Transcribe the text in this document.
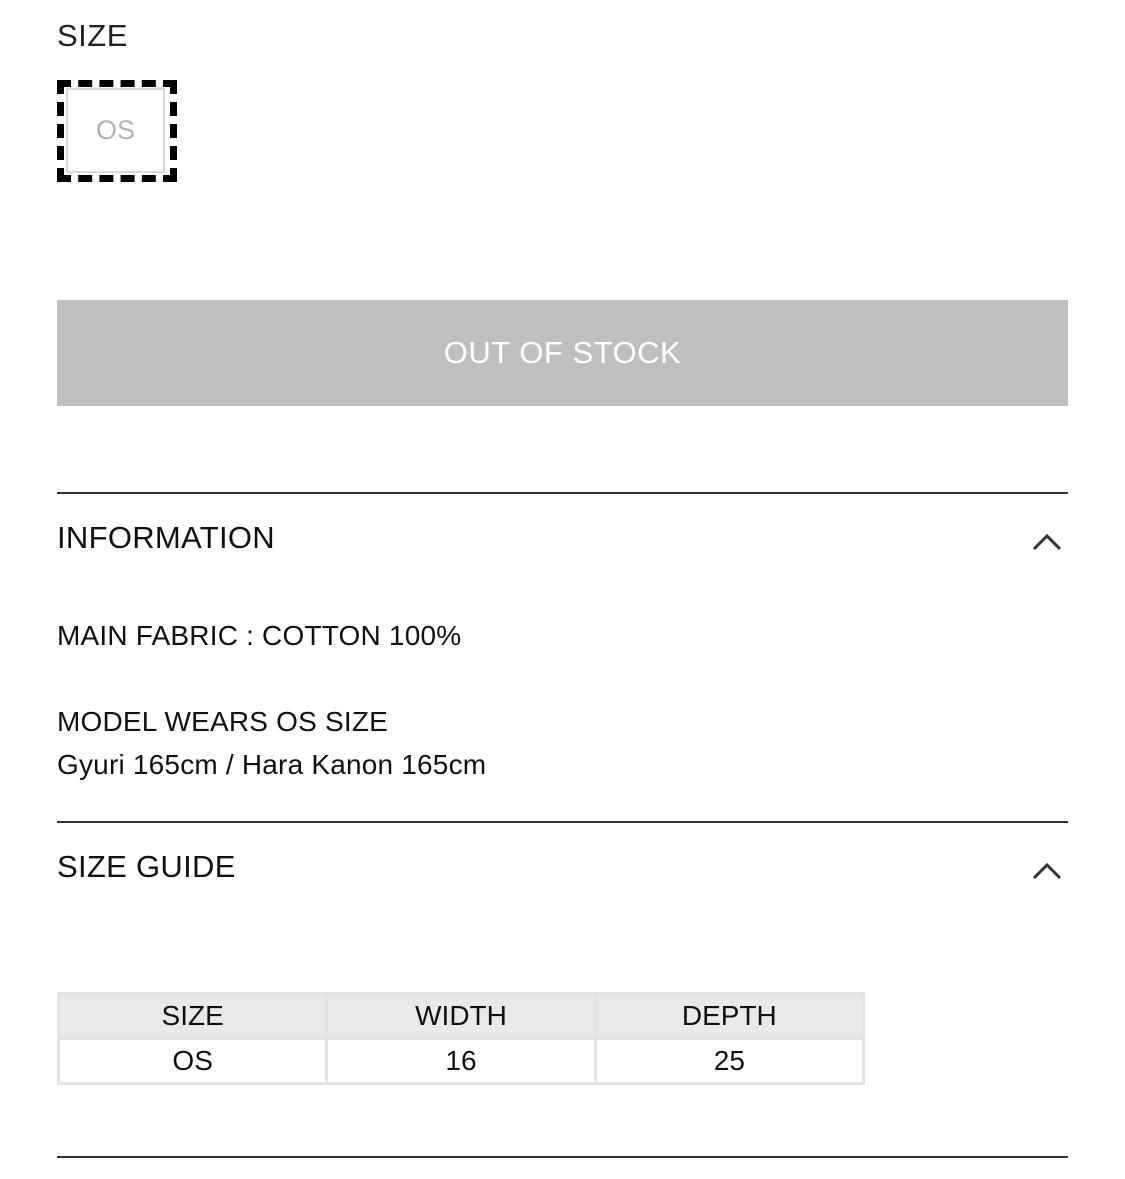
SIZE
OS
OUT OF STOCK
INFORMATION
MAIN FABRIC : COTTON 100%
MODEL WEARS OS SIZE
Gyuri 165cm / Hara Kanon 165cm
SIZE GUIDE
SIZE	WIDTH	DEPTH
OS	16	25
